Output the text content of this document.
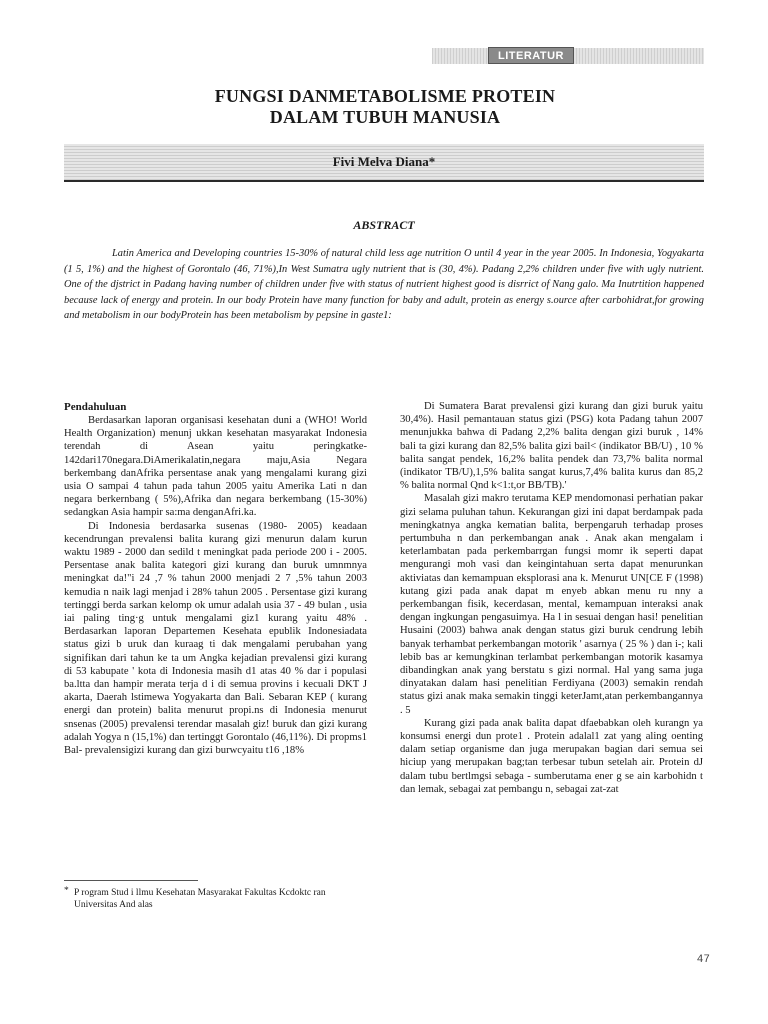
LITERATUR
FUNGSI DANMETABOLISME PROTEIN
DALAM TUBUH MANUSIA
Fivi Melva Diana*
ABSTRACT

Latin America and Developing countries 15-30% of natural child less age nutrition O until 4 year in the year 2005. In Indonesia, Yogyakarta (1 5, 1%) and the highest of Gorontalo (46, 71%),In West Sumatra ugly nutrient that is (30, 4%). Padang 2,2% children under five with ugly nutrient. One of the djstrict in Padang having number of children under five with status of nutrient highest good is disrrict of Nang galo. Ma Inutrtition happened because lack of energy and protein. In our body Protein have many function for baby and adult, protein as energy s.ource after carbohidrat,for growing and metabolism in our bodyProtein has been metabolism by pepsine in gaste1:

Pendahuluan

Berdasarkan laporan organisasi kesehatan duni a (WHO! World Health Organization) menunj ukkan kesehatan masyarakat Indonesia terendah di Asean yaitu peringkatke-142dari170negara.DiAmerikalatin,negara maju,Asia Negara berkembang danAfrika persentase anak yang mengalami kurang gizi usia O sampai 4 tahun pada tahun 2005 yaitu Amerika Lati n dan negara berkernbang ( 5%),Afrika dan negara berkembang (15-30%) sedangkan Asia hampir sa:ma denganAfri.ka.

Di Indonesia berdasarka susenas (1980- 2005) keadaan kecendrungan prevalensi balita kurang gizi menurun dalam kurun waktu 1989 - 2000 dan sedild t meningkat pada periode 200 i - 2005. Persentase anak balita kategori gizi kurang dan buruk umnmnya meningkat da!"i 24 ,7 % tahun 2000 menjadi 2 7 ,5% tahun 2003 kemudia n naik lagi menjad i 28% tahun 2005 . Persentase gizi kurang tertinggi berda sarkan kelomp ok umur adalah usia 37 - 49 bulan , usia iai paling ting·g untuk mengalami giz1 kurang yaitu 48% . Berdasarkan laporan Departemen Kesehata epublik Indonesiadata status gizi b uruk dan kuraag ti dak mengalami perubahan yang signifikan dari tahun ke ta um Angka kejadian prevalensi gizi kurang di 53 kabupate ' kota di Indonesia masih d1 atas 40 % dar i populasi ba.ltta dan hampir merata terja d i di semua provins i kecuali DKT J akarta, Daerah lstimewa Yogyakarta dan Bali. Sebaran KEP ( kurang energi dan protein) balita menurut propi.ns di Indonesia menurut snsenas (2005) prevalensi terendar masalah giz! buruk dan gizi kurang adalah Yogya n (15,1%) dan tertinggt Gorontalo (46,11%). Di propms1 Bal- prevalensigizi kurang dan gizi burwcyaitu t16 ,18%

Di Sumatera Barat prevalensi gizi kurang dan gizi buruk yaitu 30,4%). Hasil pemantauan status gizi (PSG) kota Padang tahun 2007 menunjukka bahwa di Padang 2,2% balita dengan gizi buruk , 14% bali ta gizi kurang dan 82,5% balita gizi bail< (indikator BB/U) , 10 % balita sangat pendek, 16,2% balita pendek dan 73,7% balita normal (indikator TB/U),1,5% balita sangat kurus,7,4% balita kurus dan 85,2 % balita normal Qnd k<1:t,or BB/TB).'

Masalah gizi makro terutama KEP mendomonasi perhatian pakar gizi selama puluhan tahun. Kekurangan gizi ini dapat berdampak pada meningkatnya angka kematian balita, berpengaruh terhadap proses pertumbuha n dan perkembangan anak . Anak akan mengalam i keterlambatan pada perkembarrgan fungsi momr ik seperti dapat mengurangi moh vasi dan keingintahuan serta dapat menurunkan aktiviatas dan kemampuan eksplorasi ana k. Menurut UN[CE F (1998) kutang gizi pada anak dapat m enyeb abkan menu ru nny a perkembangan fisik, kecerdasan, mental, kemampuan interaksi anak dengan ingkungan pengasuimya. Ha l in sesuai dengan hasi! penelitian Husaini (2003) bahwa anak dengan status gizi buruk cendrung lebih banyak terhambat perkembangan motorik ' asarnya ( 25 % ) dan i-; kali lebib bas ar kemungkinan terlambat perkembangan motorik kasamya dibandingkan anak yang berstatu s gizi normal. Hal yang sama juga dinyatakan dalam hasi penelitian Ferdiyana (2003) semakin rendah status gizi anak maka semakin tinggi keterJamt,atan perkembangannya . 5

Kurang gizi pada anak balita dapat dfaebabkan oleh kurangn ya konsumsi energi dun prote1 . Protein adalal1 zat yang aling oenting dalam setiap organisme dan juga merupakan bagian dari semua sei hiciup yang merupakan bag;tan terbesar tubun setelah air. Protein dJ dalam tubu bertlmgsi sebaga - sumberutama ener g se ain karbohidn t dan lemak, sebagai zat pembangu n, sebagai zat-zat

* P rogram Stud i llmu Kesehatan Masyarakat Fakultas Kcdoktc ran Universitas And alas
47
